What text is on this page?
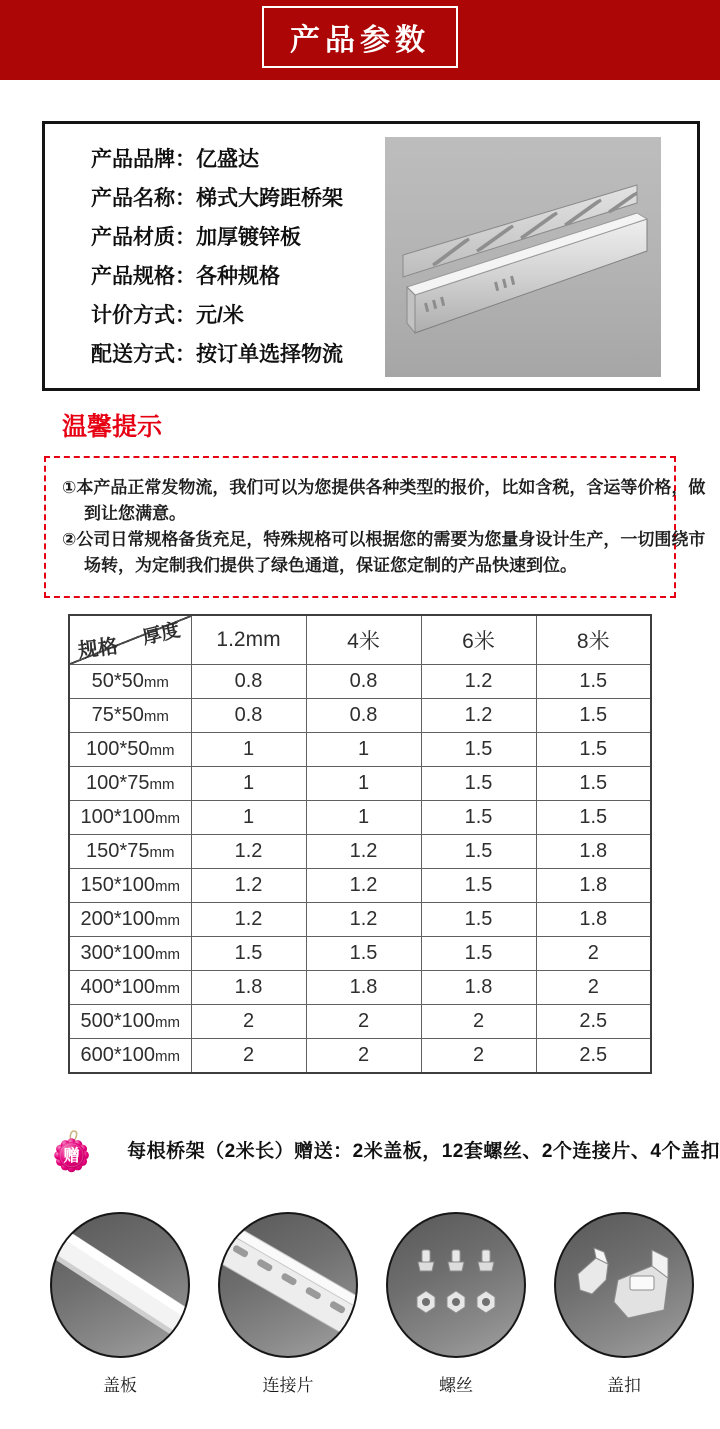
产品参数
产品品牌：亿盛达
产品名称：梯式大跨距桥架
产品材质：加厚镀锌板
产品规格：各种规格
计价方式：元/米
配送方式：按订单选择物流
温馨提示
①本产品正常发物流，我们可以为您提供各种类型的报价，比如含税，含运等价格，做
到让您满意。
②公司日常规格备货充足，特殊规格可以根据您的需要为您量身设计生产，一切围绕市
场转，为定制我们提供了绿色通道，保证您定制的产品快速到位。
厚度
规格	1.2mm	4米	6米	8米
50*50mm	0.8	0.8	1.2	1.5
75*50mm	0.8	0.8	1.2	1.5
100*50mm	1	1	1.5	1.5
100*75mm	1	1	1.5	1.5
100*100mm	1	1	1.5	1.5
150*75mm	1.2	1.2	1.5	1.8
150*100mm	1.2	1.2	1.5	1.8
200*100mm	1.2	1.2	1.5	1.8
300*100mm	1.5	1.5	1.5	2
400*100mm	1.8	1.8	1.8	2
500*100mm	2	2	2	2.5
600*100mm	2	2	2	2.5
赠 每根桥架（2米长）赠送：2米盖板，12套螺丝、2个连接片、4个盖扣
盖板	连接片	螺丝	盖扣
